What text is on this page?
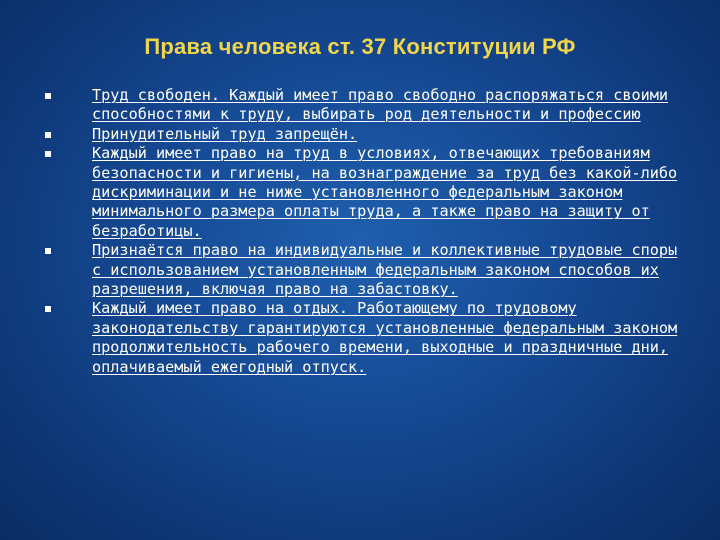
Права человека ст. 37 Конституции РФ
Труд свободен. Каждый имеет право свободно распоряжаться своими способностями к труду, выбирать род деятельности и профессию
Принудительный труд запрещён.
Каждый имеет право на труд в условиях, отвечающих требованиям безопасности и гигиены, на вознаграждение за труд без какой-либо дискриминации и не ниже установленного федеральным законом минимального размера оплаты труда, а также право на защиту от безработицы.
Признаётся право на индивидуальные и коллективные трудовые споры с использованием установленным федеральным законом способов их разрешения, включая право на забастовку.
Каждый имеет право на отдых. Работающему по трудовому законодательству гарантируются установленные федеральным законом продолжительность рабочего времени, выходные и праздничные дни, оплачиваемый ежегодный отпуск.
